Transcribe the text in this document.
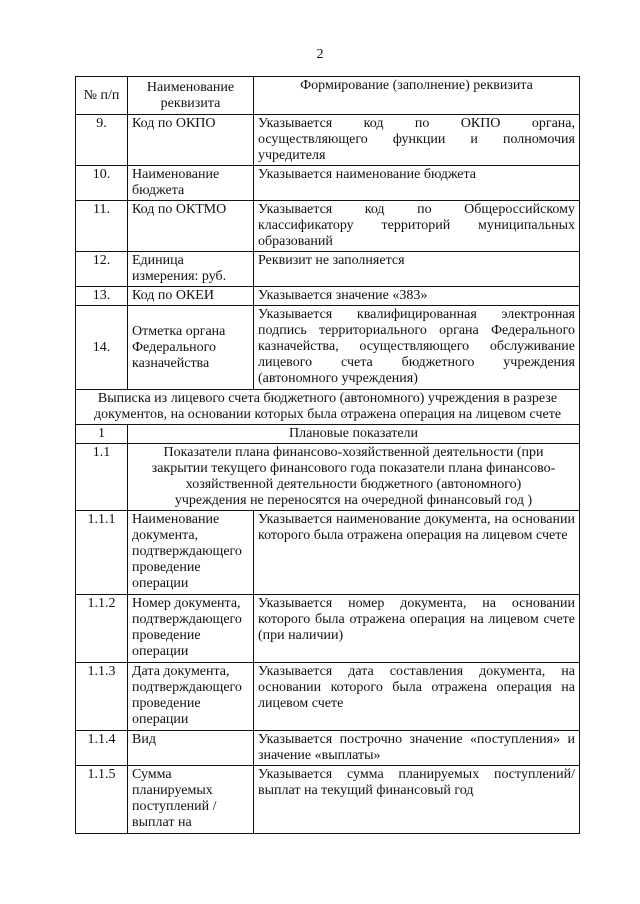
2
№ п/п	Наименование реквизита	Формирование (заполнение) реквизита
9.	Код по ОКПО	Указывается код по ОКПО органа, осуществляющего функции и полномочия учредителя
10.	Наименование бюджета	Указывается наименование бюджета
11.	Код по ОКТМО	Указывается код по Общероссийскому классификатору территорий муниципальных образований
12.	Единица измерения: руб.	Реквизит не заполняется
13.	Код по ОКЕИ	Указывается значение «383»
14.	Отметка органа Федерального казначейства	Указывается квалифицированная электронная подпись территориального органа Федерального казначейства, осуществляющего обслуживание лицевого счета бюджетного учреждения (автономного учреждения)
Выписка из лицевого счета бюджетного (автономного) учреждения в разрезе документов, на основании которых была отражена операция на лицевом счете		
1	Плановые показатели	
1.1	Показатели плана финансово-хозяйственной деятельности (при закрытии текущего финансового года показатели плана финансово-хозяйственной деятельности бюджетного (автономного) учреждения не переносятся на очередной финансовый год )	
1.1.1	Наименование документа, подтверждающего проведение операции	Указывается наименование документа, на основании которого была отражена операция на лицевом счете
1.1.2	Номер документа, подтверждающего проведение операции	Указывается номер документа, на основании которого была отражена операция на лицевом счете (при наличии)
1.1.3	Дата документа, подтверждающего проведение операции	Указывается дата составления документа, на основании которого была отражена операция на лицевом счете
1.1.4	Вид	Указывается построчно значение «поступления» и значение «выплаты»
1.1.5	Сумма планируемых поступлений / выплат на	Указывается сумма планируемых поступлений/выплат на текущий финансовый год
